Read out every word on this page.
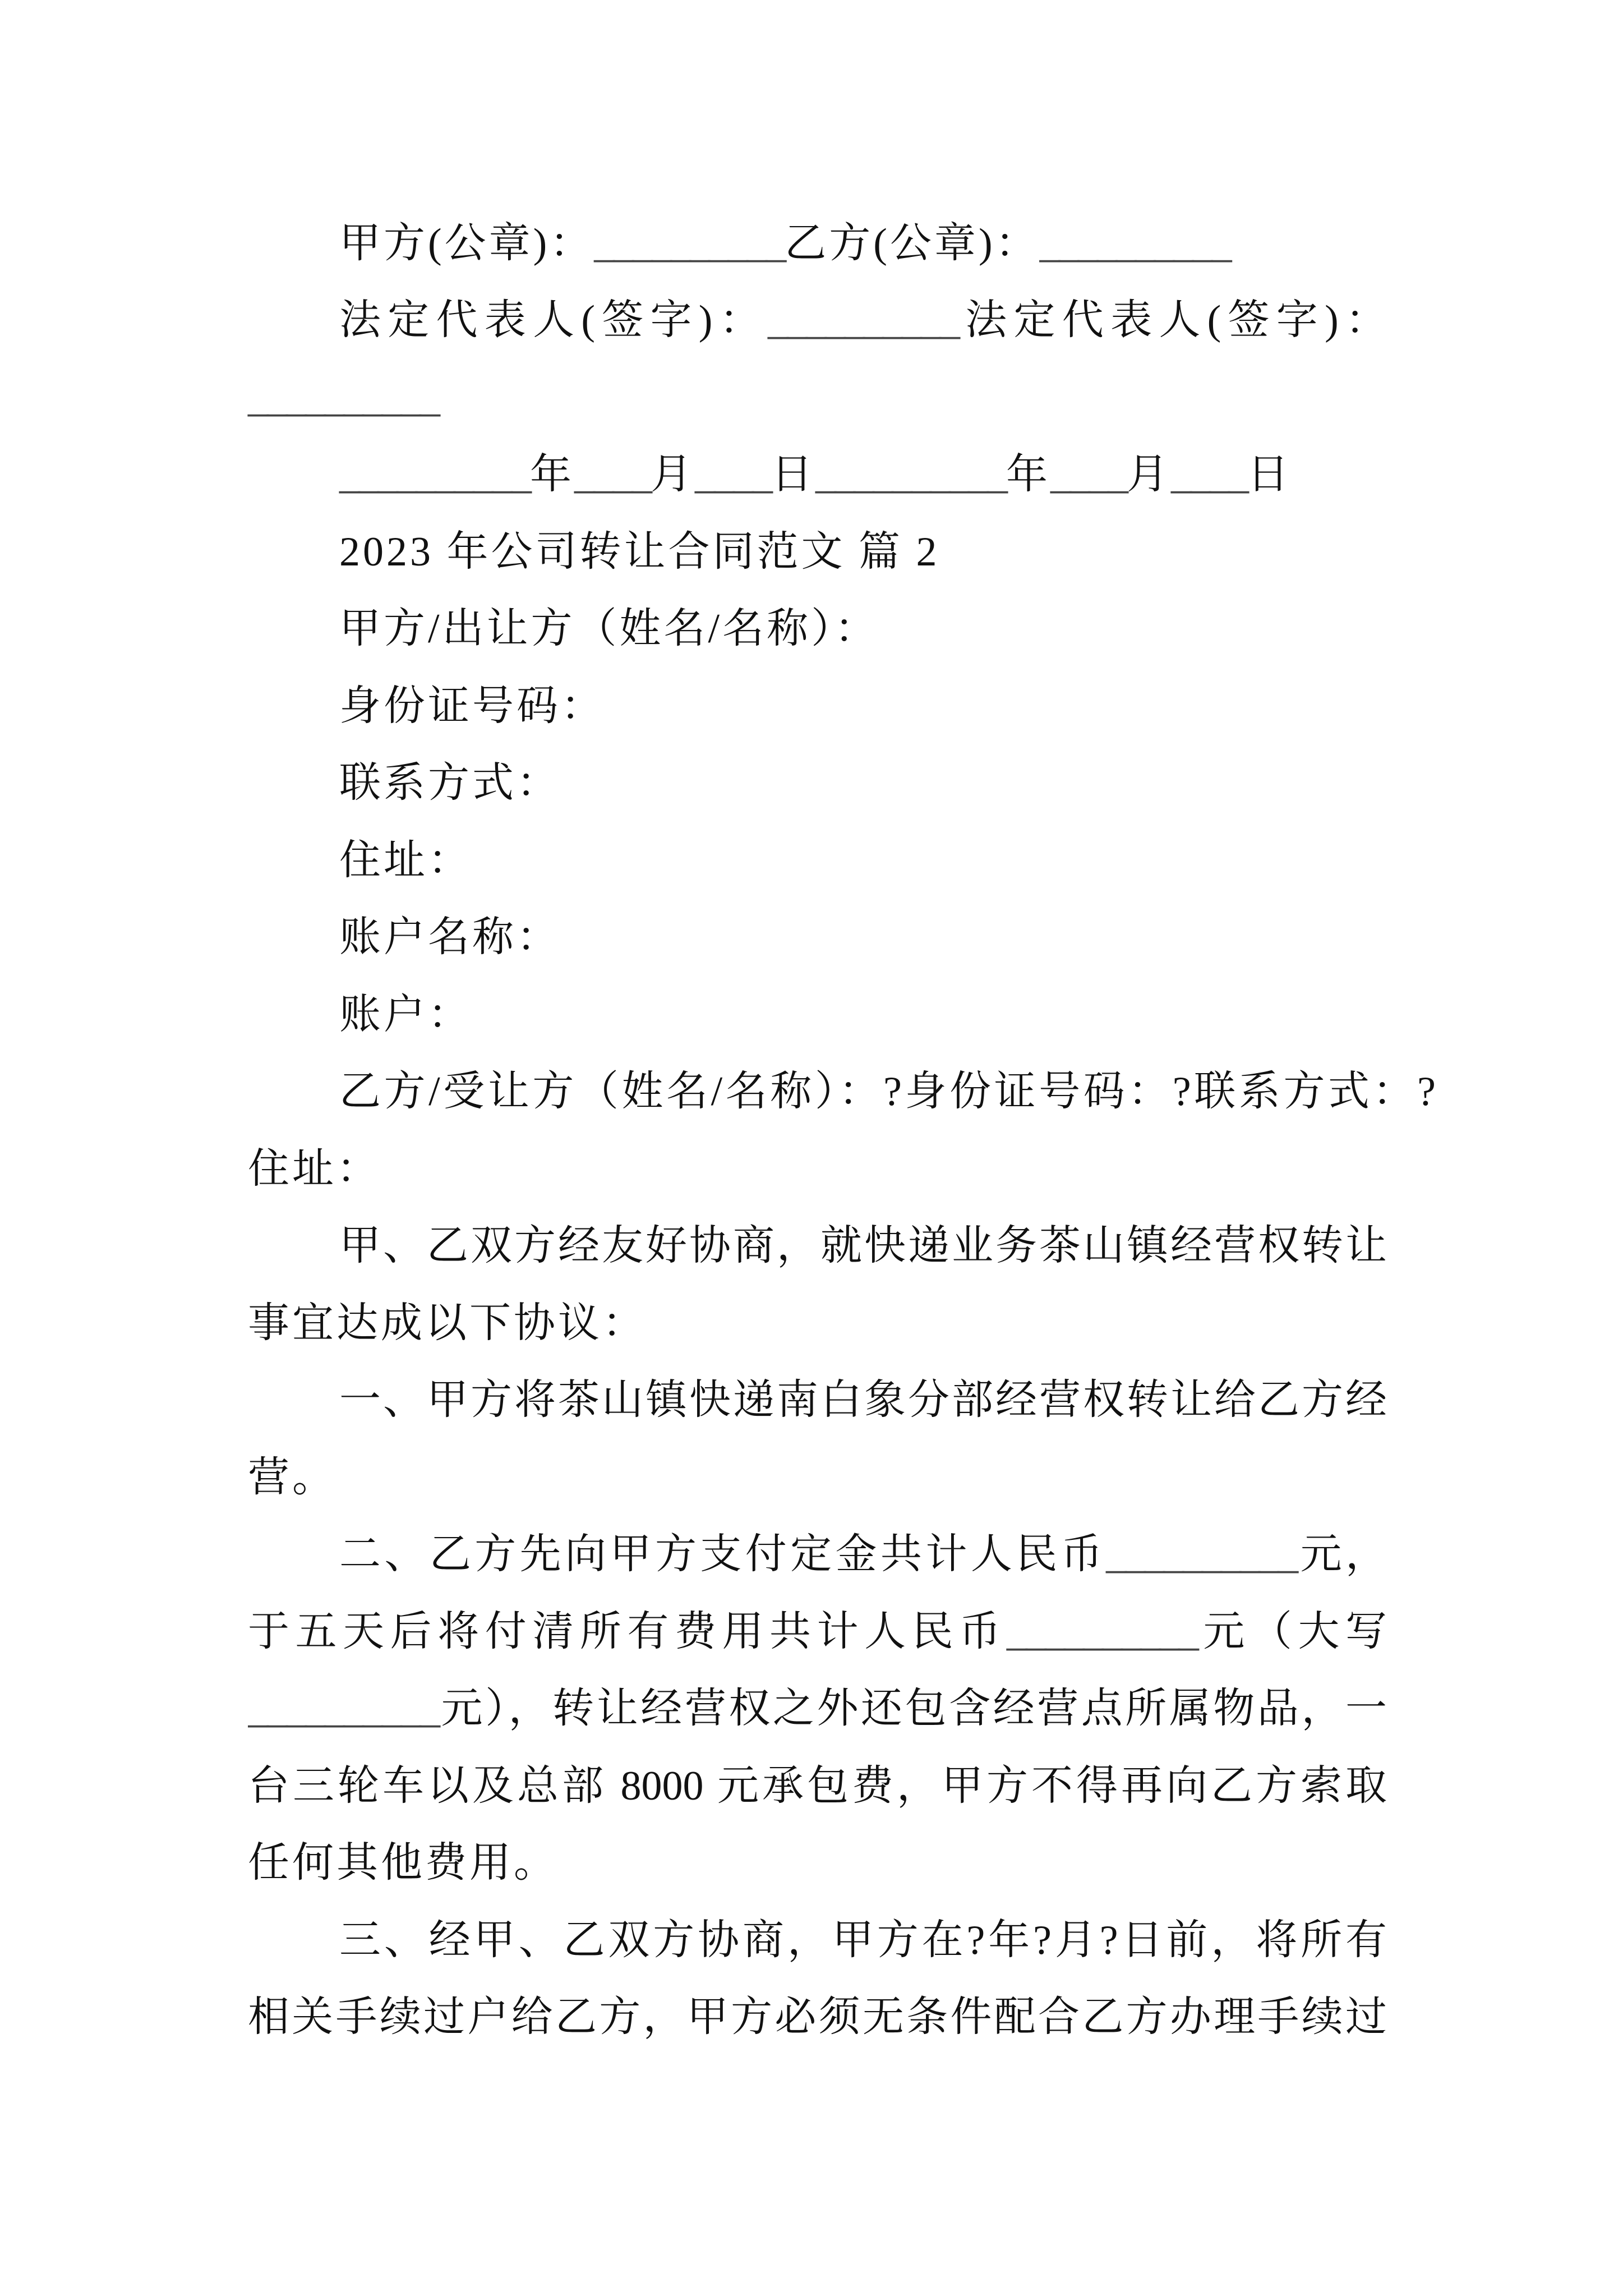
甲方(公章)：__________乙方(公章)：__________
法定代表人(签字)：__________法定代表人(签字)：
__________
__________年____月____日__________年____月____日
2023 年公司转让合同范文 篇 2
甲方/出让方（姓名/名称）：
身份证号码：
联系方式：
住址：
账户名称：
账户：
乙方/受让方（姓名/名称）：?身份证号码：?联系方式：?
住址：
甲、乙双方经友好协商，就快递业务茶山镇经营权转让
事宜达成以下协议：
一、甲方将茶山镇快递南白象分部经营权转让给乙方经
营。
二、乙方先向甲方支付定金共计人民币__________元，
于五天后将付清所有费用共计人民币__________元（大写
__________元），转让经营权之外还包含经营点所属物品，一
台三轮车以及总部 8000 元承包费，甲方不得再向乙方索取
任何其他费用。
三、经甲、乙双方协商，甲方在?年?月?日前，将所有
相关手续过户给乙方，甲方必须无条件配合乙方办理手续过
